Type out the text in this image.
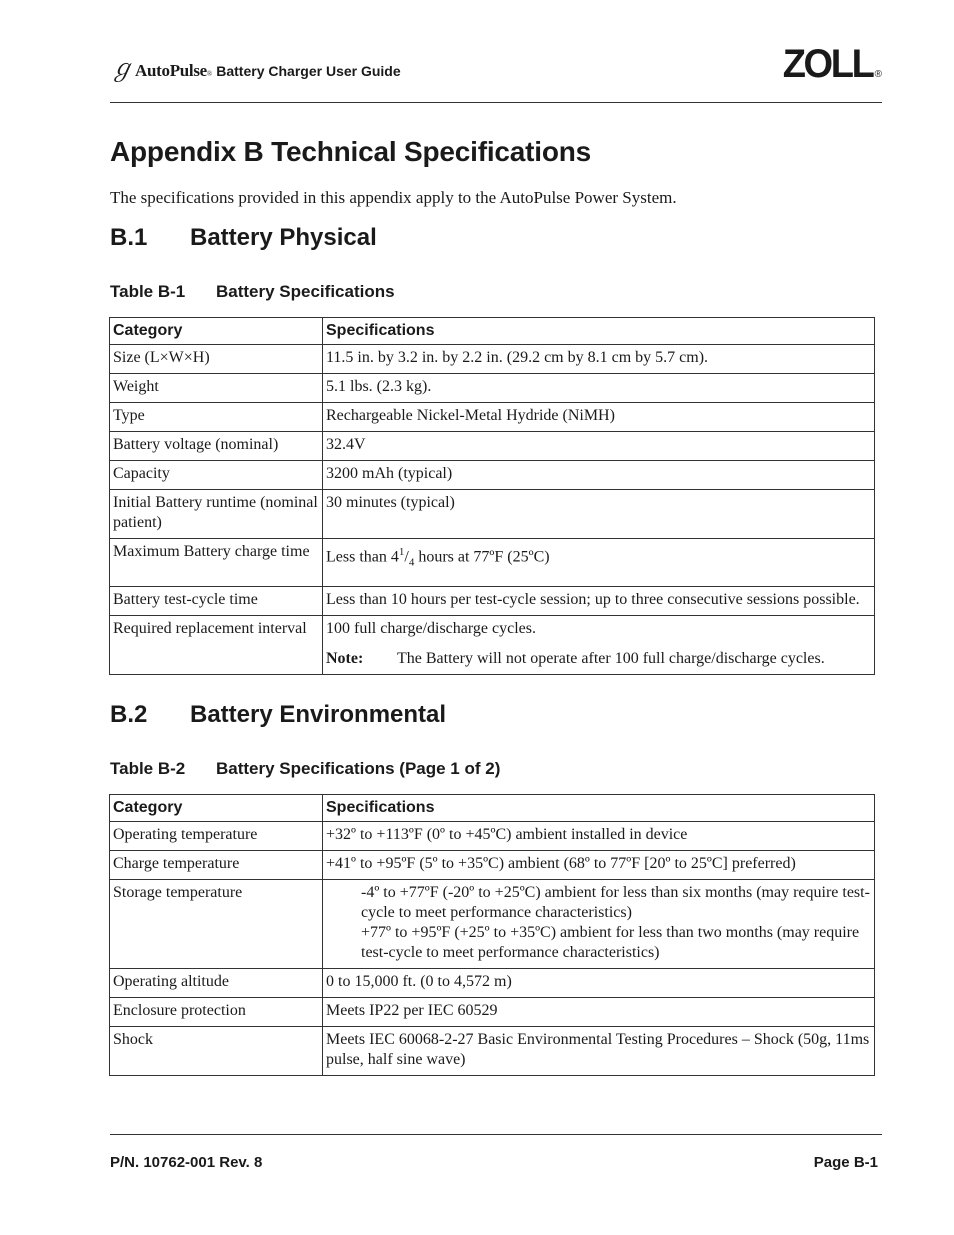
ℊ AutoPulse ® Battery Charger User Guide	ZOLL ®
Appendix B Technical Specifications

The specifications provided in this appendix apply to the AutoPulse Power System.

B.1	Battery Physical
Table B-1	Battery Specifications
Category	Specifications
Size (L×W×H)	11.5 in. by 3.2 in. by 2.2 in. (29.2 cm by 8.1 cm by 5.7 cm).
Weight	5.1 lbs. (2.3 kg).
Type	Rechargeable Nickel-Metal Hydride (NiMH)
Battery voltage (nominal)	32.4V
Capacity	3200 mAh (typical)
Initial Battery runtime (nominal patient)	30 minutes (typical)
Maximum Battery charge time	Less than $4^1/_4$ hours at 77ºF (25ºC)
Battery test-cycle time	Less than 10 hours per test-cycle session; up to three consecutive sessions possible.
Required replacement interval	100 full charge/discharge cycles.
Note: The Battery will not operate after 100 full charge/discharge cycles.
B.2	Battery Environmental
Table B-2	Battery Specifications (Page 1 of 2)
Category	Specifications
Operating temperature	+32º to +113ºF (0º to +45ºC) ambient installed in device
Charge temperature	+41º to +95ºF (5º to +35ºC) ambient (68º to 77ºF [20º to 25ºC] preferred)
Storage temperature	-4º to +77ºF (-20º to +25ºC) ambient for less than six months (may require test-cycle to meet performance characteristics)
+77º to +95ºF (+25º to +35ºC) ambient for less than two months (may require test-cycle to meet performance characteristics)

Operating altitude	0 to 15,000 ft. (0 to 4,572 m)
Enclosure protection	Meets IP22 per IEC 60529
Shock	Meets IEC 60068-2-27 Basic Environmental Testing Procedures – Shock (50g, 11ms pulse, half sine wave)
P/N. 10762-001 Rev. 8	Page B-1
